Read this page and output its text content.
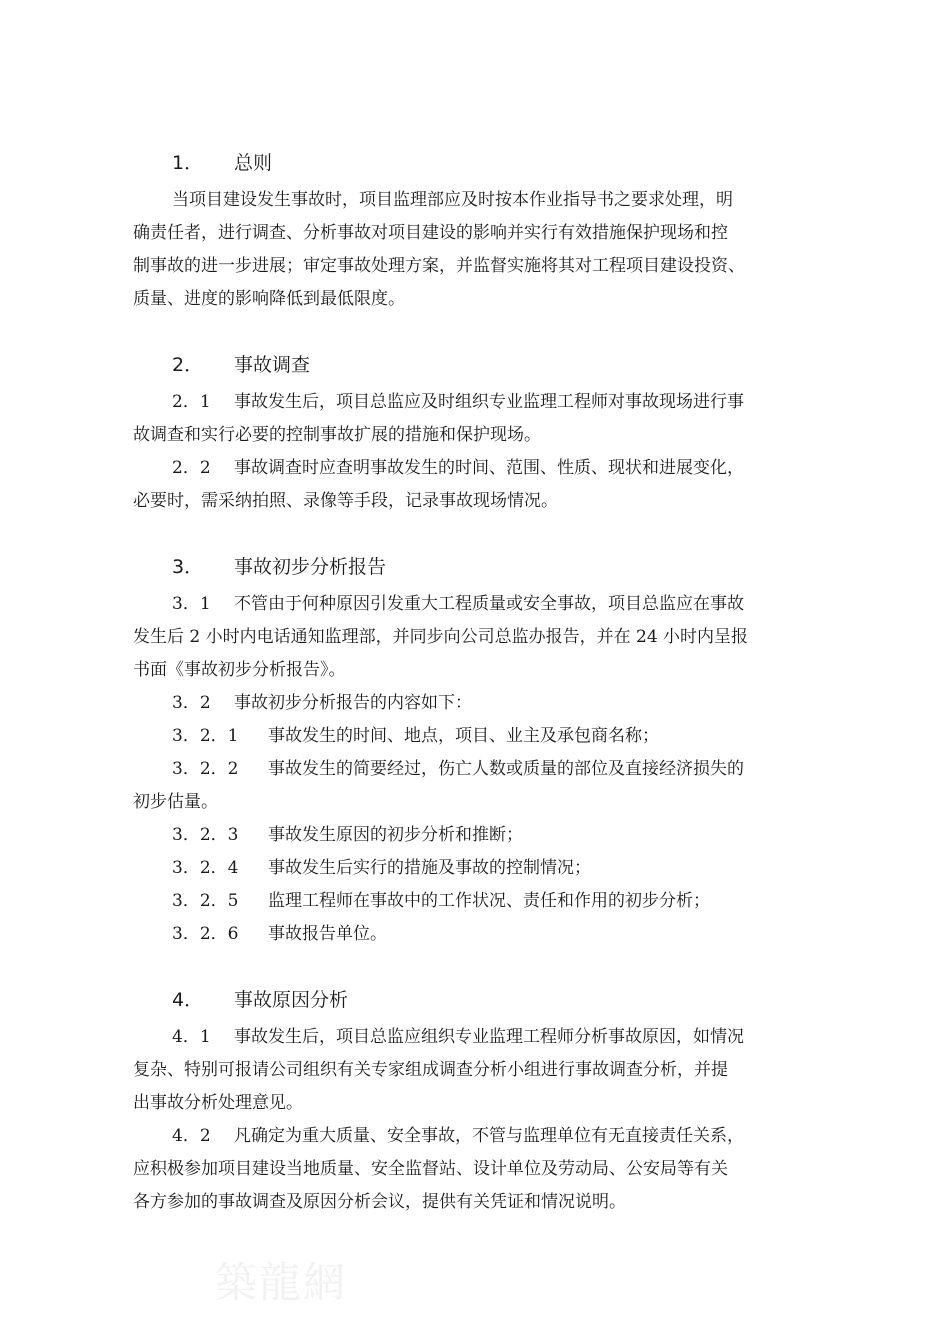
1． 总则
当项目建设发生事故时，项目监理部应及时按本作业指导书之要求处理，明
确责任者，进行调查、分析事故对项目建设的影响并实行有效措施保护现场和控
制事故的进一步进展；审定事故处理方案，并监督实施将其对工程项目建设投资、
质量、进度的影响降低到最低限度。
2． 事故调查
2．1 事故发生后，项目总监应及时组织专业监理工程师对事故现场进行事
故调查和实行必要的控制事故扩展的措施和保护现场。
2．2 事故调查时应查明事故发生的时间、范围、性质、现状和进展变化，
必要时，需采纳拍照、录像等手段，记录事故现场情况。
3． 事故初步分析报告
3．1 不管由于何种原因引发重大工程质量或安全事故，项目总监应在事故
发生后 2 小时内电话通知监理部，并同步向公司总监办报告，并在 24 小时内呈报
书面《事故初步分析报告》。
3．2 事故初步分析报告的内容如下：
3．2．1 事故发生的时间、地点，项目、业主及承包商名称；
3．2．2 事故发生的简要经过，伤亡人数或质量的部位及直接经济损失的
初步估量。
3．2．3 事故发生原因的初步分析和推断；
3．2．4 事故发生后实行的措施及事故的控制情况；
3．2．5 监理工程师在事故中的工作状况、责任和作用的初步分析；
3．2．6 事故报告单位。
4． 事故原因分析
4．1 事故发生后，项目总监应组织专业监理工程师分析事故原因，如情况
复杂、特别可报请公司组织有关专家组成调查分析小组进行事故调查分析，并提
出事故分析处理意见。
4．2 凡确定为重大质量、安全事故，不管与监理单位有无直接责任关系，
应积极参加项目建设当地质量、安全监督站、设计单位及劳动局、公安局等有关
各方参加的事故调查及原因分析会议，提供有关凭证和情况说明。
築龍網
